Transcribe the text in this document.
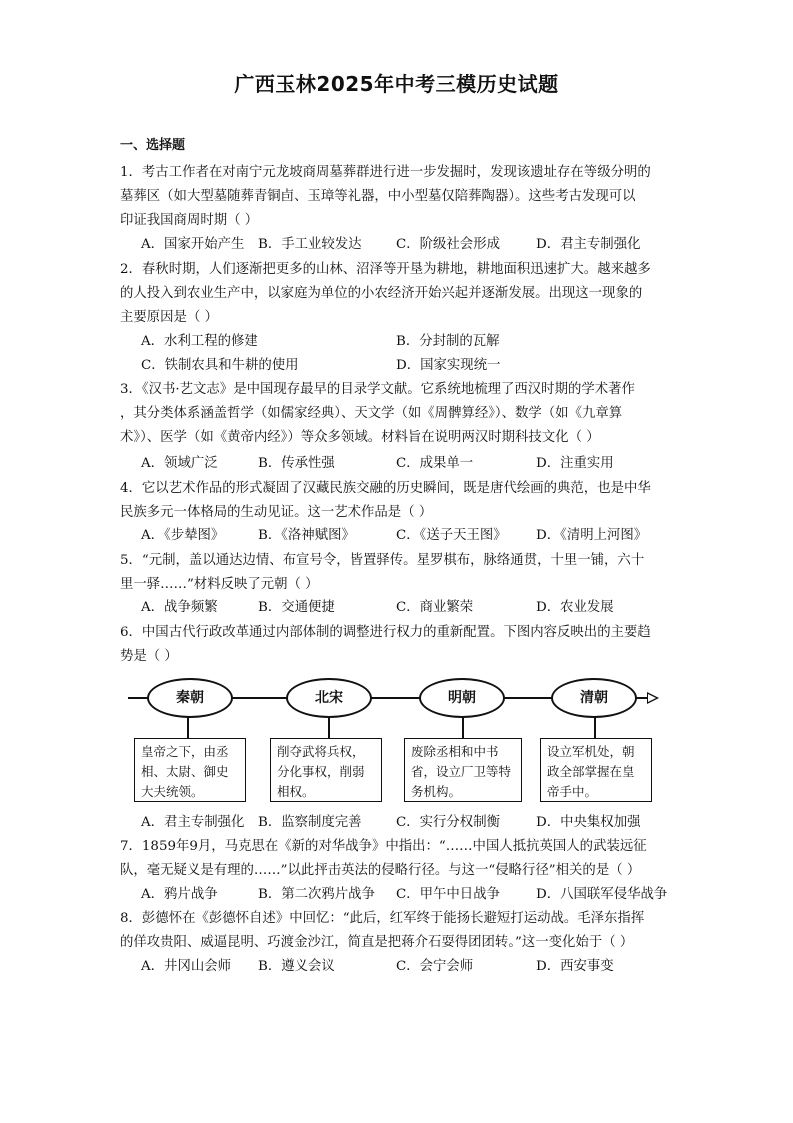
广西玉林2025年中考三模历史试题
一、选择题
1．考古工作者在对南宁元龙坡商周墓葬群进行进一步发掘时，发现该遗址存在等级分明的
墓葬区（如大型墓随葬青铜卣、玉璋等礼器，中小型墓仅陪葬陶器）。这些考古发现可以
印证我国商周时期（ ）
A．国家开始产生 B．手工业较发达	C．阶级社会形成	D．君主专制强化
2．春秋时期，人们逐渐把更多的山林、沼泽等开垦为耕地，耕地面积迅速扩大。越来越多
的人投入到农业生产中，以家庭为单位的小农经济开始兴起并逐渐发展。出现这一现象的
主要原因是（ ）
A．水利工程的修建	B．分封制的瓦解
C．铁制农具和牛耕的使用	D．国家实现统一
3．《汉书·艺文志》是中国现存最早的目录学文献。它系统地梳理了西汉时期的学术著作
，其分类体系涵盖哲学（如儒家经典）、天文学（如《周髀算经》）、数学（如《九章算
术》）、医学（如《黄帝内经》）等众多领域。材料旨在说明两汉时期科技文化（ ）
A．领域广泛	B．传承性强	C．成果单一	D．注重实用
4．它以艺术作品的形式凝固了汉藏民族交融的历史瞬间，既是唐代绘画的典范，也是中华
民族多元一体格局的生动见证。这一艺术作品是（ ）
A．《步辇图》	B．《洛神赋图》	C．《送子天王图》 D．《清明上河图》
5．“元制，盖以通达边情、布宣号令，皆置驿传。星罗棋布，脉络通贯，十里一铺，六十
里一驿……”材料反映了元朝（ ）
A．战争频繁	B．交通便捷	C．商业繁荣	D．农业发展
6．中国古代行政改革通过内部体制的调整进行权力的重新配置。下图内容反映出的主要趋
势是（ ）
秦朝
皇帝之下，由丞相、太尉、御史大夫统领。
北宋
削夺武将兵权，分化事权，削弱相权。
明朝
废除丞相和中书省，设立厂卫等特务机构。
清朝
设立军机处，朝政全部掌握在皇帝手中。
A．君主专制强化 B．监察制度完善	C．实行分权制衡	D．中央集权加强
7．1859年9月，马克思在《新的对华战争》中指出：“……中国人抵抗英国人的武装远征
队，毫无疑义是有理的……”以此抨击英法的侵略行径。与这一“侵略行径”相关的是（ ）
A．鸦片战争	B．第二次鸦片战争 C．甲午中日战争	D．八国联军侵华战争
8．彭德怀在《彭德怀自述》中回忆：“此后，红军终于能扬长避短打运动战。毛泽东指挥
的佯攻贵阳、威逼昆明、巧渡金沙江，简直是把蒋介石耍得团团转。”这一变化始于（ ）
A．井冈山会师 B．遵义会议	C．会宁会师	D．西安事变
